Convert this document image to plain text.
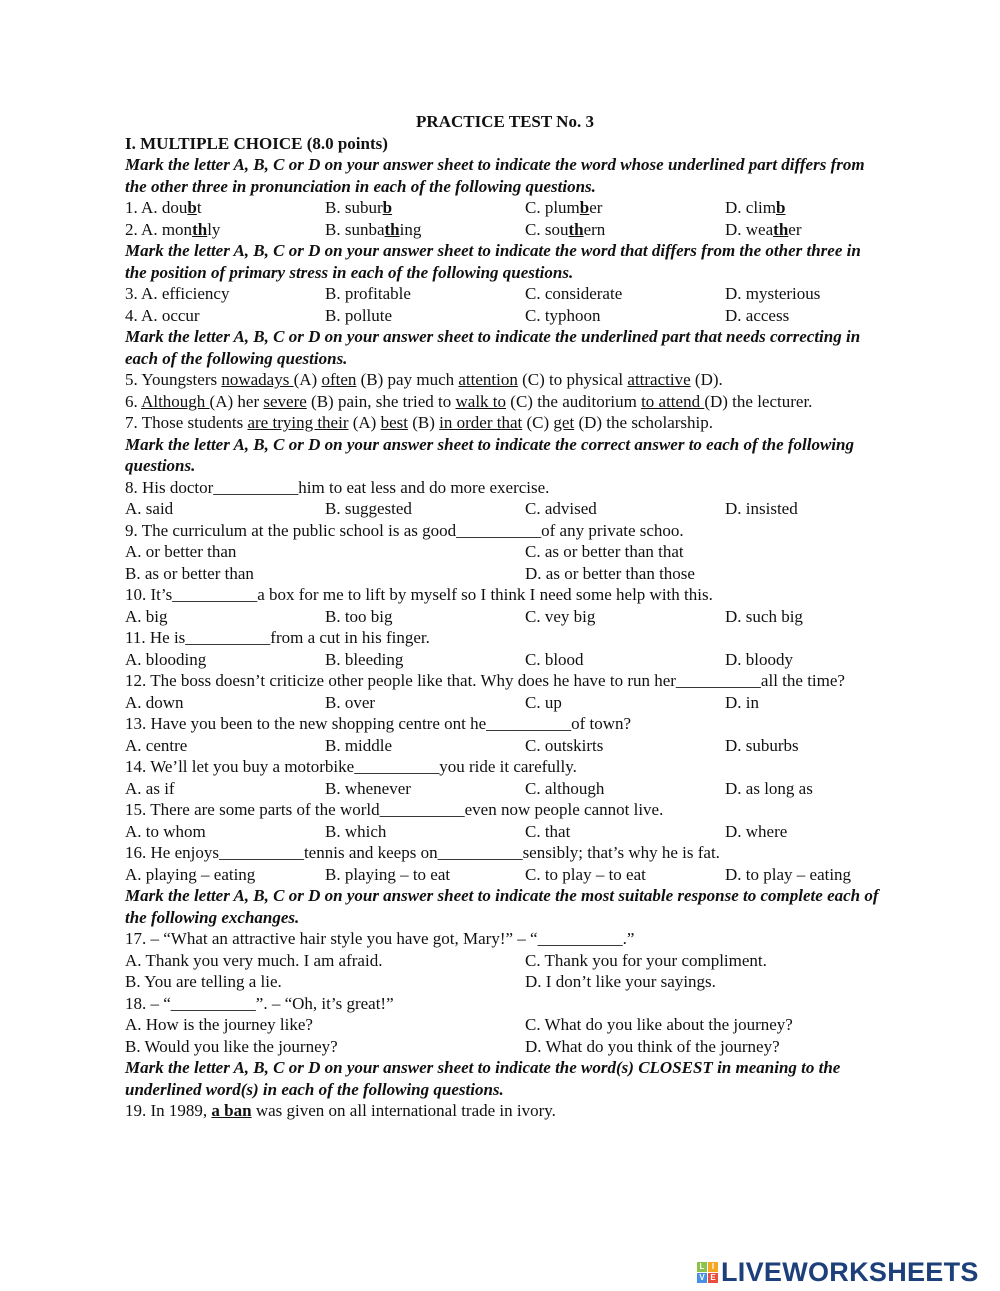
PRACTICE TEST No. 3
I. MULTIPLE CHOICE (8.0 points)
Mark the letter A, B, C or D on your answer sheet to indicate the word whose underlined part differs from the other three in pronunciation in each of the following questions.
1. A. doubt	B. suburb	C. plumber	D. climb
2. A. monthly	B. sunbathing	C. southern	D. weather
Mark the letter A, B, C or D on your answer sheet to indicate the word that differs from the other three in the position of primary stress in each of the following questions.
3. A. efficiency	B. profitable	C. considerate	D. mysterious
4. A. occur	B. pollute	C. typhoon	D. access
Mark the letter A, B, C or D on your answer sheet to indicate the underlined part that needs correcting in each of the following questions.
5. Youngsters nowadays (A) often (B) pay much attention (C) to physical attractive (D).
6. Although (A) her severe (B) pain, she tried to walk to (C) the auditorium to attend (D) the lecturer.
7. Those students are trying their (A) best (B) in order that (C) get (D) the scholarship.
Mark the letter A, B, C or D on your answer sheet to indicate the correct answer to each of the following questions.
8. His doctor__________him to eat less and do more exercise.
A. said	B. suggested	C. advised	D. insisted
9. The curriculum at the public school is as good__________of any private schoo.
A. or better than	C. as or better than that
B. as or better than	D. as or better than those
10. It’s__________a box for me to lift by myself so I think I need some help with this.
A. big	B. too big	C. vey big	D. such big
11. He is__________from a cut in his finger.
A. blooding	B. bleeding	C. blood	D. bloody
12. The boss doesn’t criticize other people like that. Why does he have to run her__________all the time?
A. down	B. over	C. up	D. in
13. Have you been to the new shopping centre ont he__________of town?
A. centre	B. middle	C. outskirts	D. suburbs
14. We’ll let you buy a motorbike__________you ride it carefully.
A. as if	B. whenever	C. although	D. as long as
15. There are some parts of the world__________even now people cannot live.
A. to whom	B. which	C. that	D. where
16. He enjoys__________tennis and keeps on__________sensibly; that’s why he is fat.
A. playing – eating	B. playing – to eat	C. to play – to eat	D. to play – eating
Mark the letter A, B, C or D on your answer sheet to indicate the most suitable response to complete each of the following exchanges.
17. – “What an attractive hair style you have got, Mary!” – “__________.”
A. Thank you very much. I am afraid.	C. Thank you for your compliment.
B. You are telling a lie.	D. I don’t like your sayings.
18. – “__________”. – “Oh, it’s great!”
A. How is the journey like?	C. What do you like about the journey?
B. Would you like the journey?	D. What do you think of the journey?
Mark the letter A, B, C or D on your answer sheet to indicate the word(s) CLOSEST in meaning to the underlined word(s) in each of the following questions.
19. In 1989, a ban was given on all international trade in ivory.
L I
V E LIVEWORKSHEETS
